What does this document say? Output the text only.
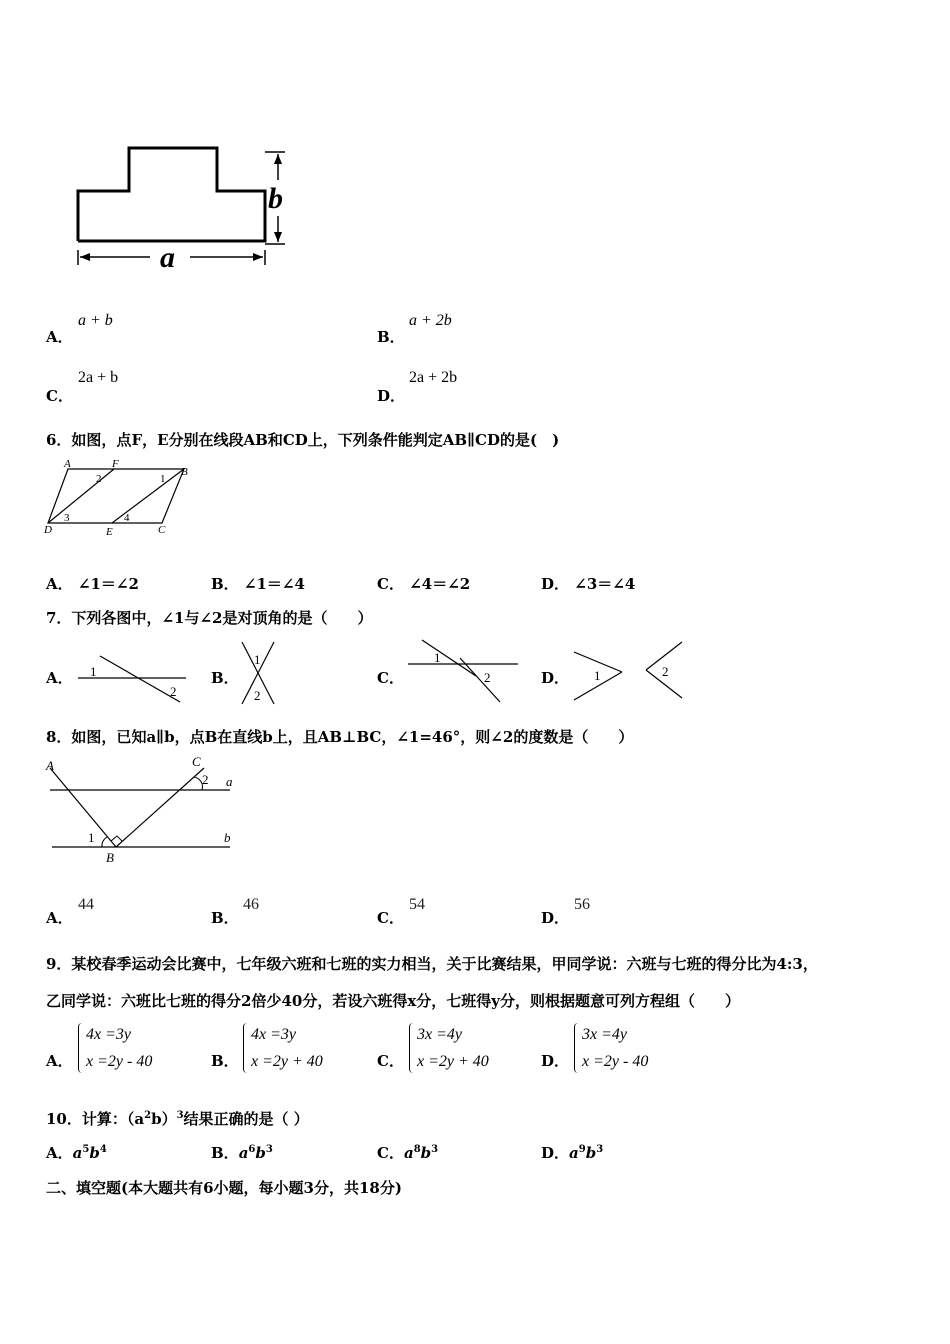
a
b
A．
a + b
B．
a + 2b
C．
2a + b
D．
2a + 2b
6．如图，点F，E分别在线段AB和CD上，下列条件能判定AB∥CD的是(　)
A	F
B
D	E	C
2	1
3	4
A． ∠1＝∠2	B． ∠1＝∠4	C． ∠4＝∠2	D． ∠3＝∠4
7．下列各图中，∠1与∠2是对顶角的是（　　）
A． 1
2
B．
1
2
C．
1
2	D． 1	2
8．如图，已知a∥b，点B在直线b上，且AB⊥BC，∠1=46°，则∠2的度数是（　　）
A	C
B
a
b
1
2
A．
44
B．
46
C．
54
D．
56
9．某校春季运动会比赛中，七年级六班和七班的实力相当，关于比赛结果，甲同学说：六班与七班的得分比为4:3，
乙同学说：六班比七班的得分2倍少40分，若设六班得x分，七班得y分，则根据题意可列方程组（　　）
A．
4x =3y
x =2y - 40	B．
4x =3y
x =2y + 40	C．
3x =4y
x =2y + 40	D．
3x =4y
x =2y - 40
10．计算：$(a^2b)^3$结果正确的是（ ）
A．$a^5b^4$	B．$a^6b^3$	C．$a^8b^3$	D．$a^9b^3$
二、填空题(本大题共有6小题，每小题3分，共18分)
